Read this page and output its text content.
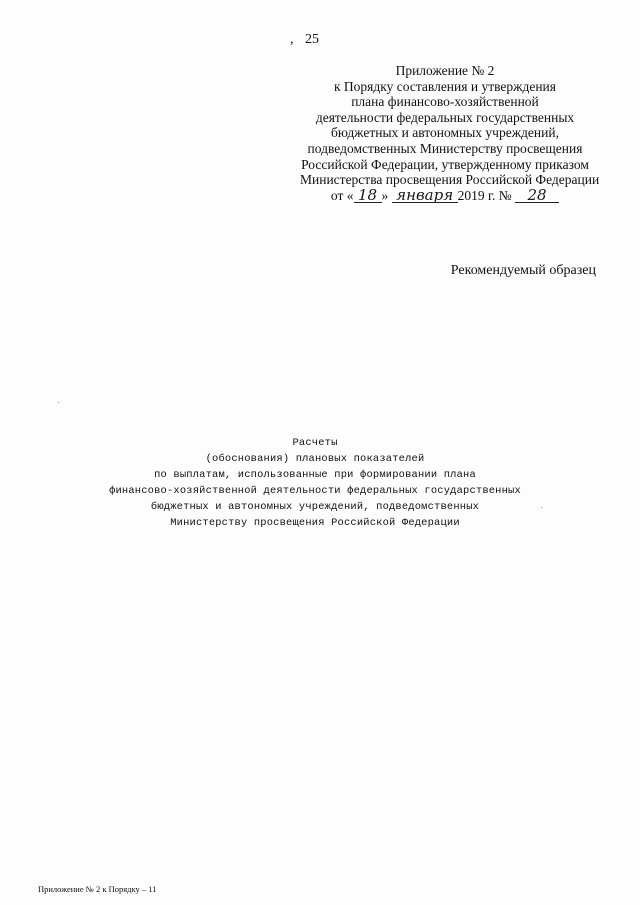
, 25
Приложение № 2
к Порядку составления и утверждения
плана финансово-хозяйственной
деятельности федеральных государственных
бюджетных и автономных учреждений,
подведомственных Министерству просвещения
Российской Федерации, утвержденному приказом
Министерства просвещения Российской Федерации
от « 18 » января 2019 г. № 28
Рекомендуемый образец
Расчеты
(обоснования) плановых показателей
по выплатам, использованные при формировании плана
финансово-хозяйственной деятельности федеральных государственных
бюджетных и автономных учреждений, подведомственных
Министерству просвещения Российской Федерации
Приложение № 2 к Порядку – 11
